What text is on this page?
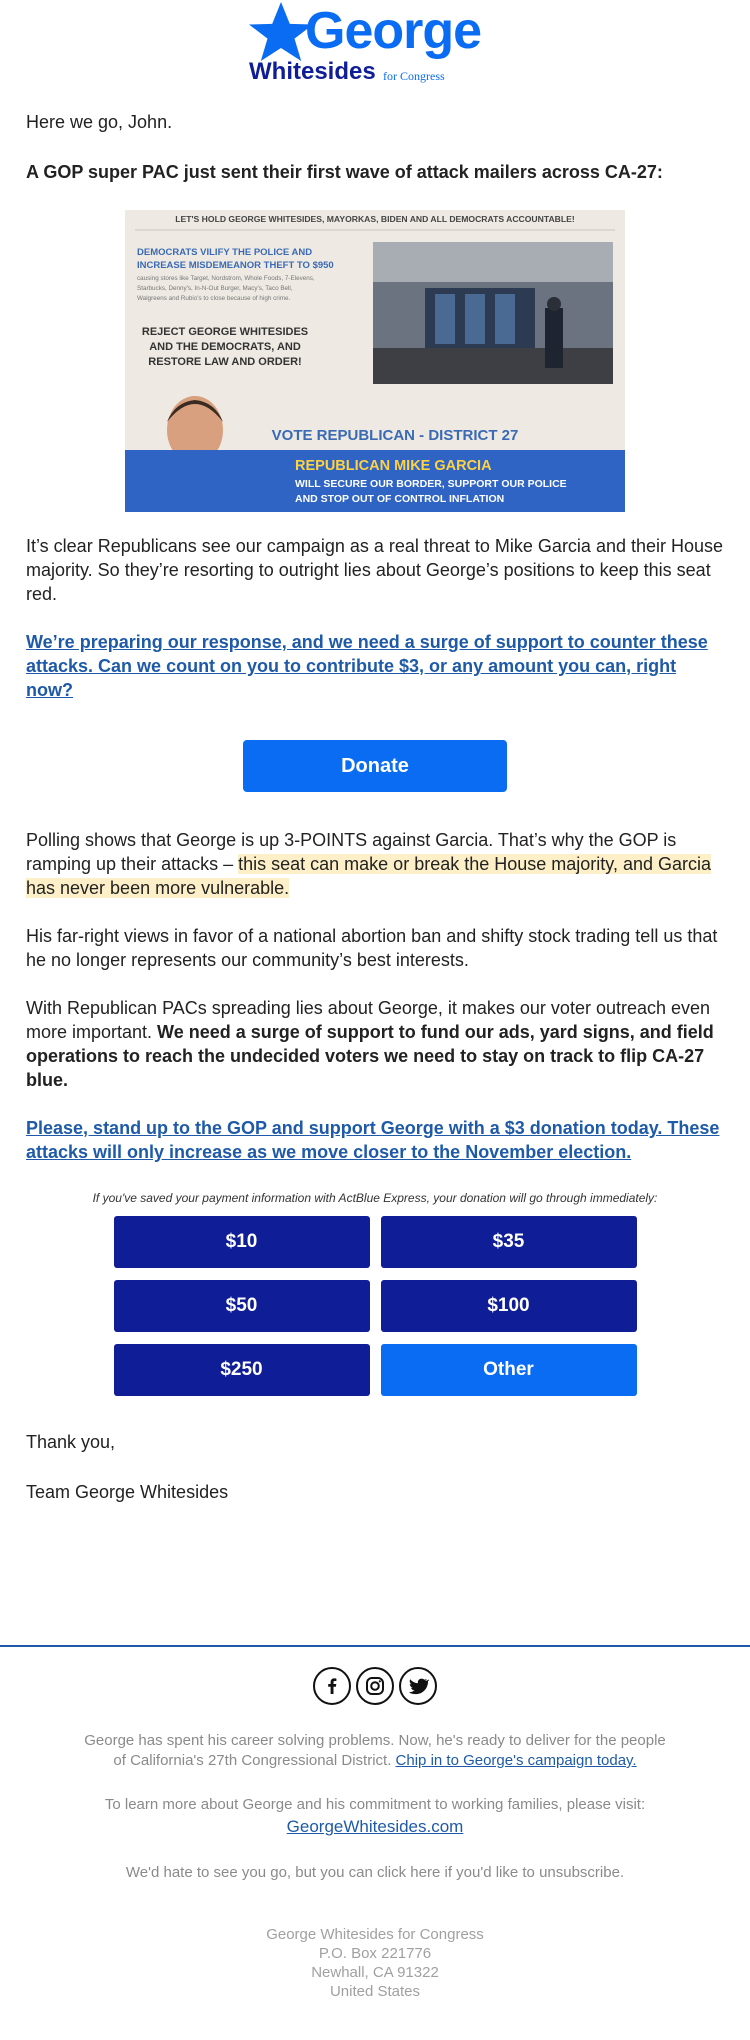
George
Whitesides for Congress

Here we go, John.

A GOP super PAC just sent their first wave of attack mailers across CA-27:

LET'S HOLD GEORGE WHITESIDES, MAYORKAS, BIDEN AND ALL DEMOCRATS ACCOUNTABLE!
DEMOCRATS VILIFY THE POLICE AND
INCREASE MISDEMEANOR THEFT TO $950
causing stores like Target, Nordstrom, Whole Foods, 7-Elevens,
Starbucks, Denny's, In-N-Out Burger, Macy's, Taco Bell,
Walgreens and Rubio's to close because of high crime.
REJECT GEORGE WHITESIDES
AND THE DEMOCRATS, AND
RESTORE LAW AND ORDER!
VOTE REPUBLICAN - DISTRICT 27
REPUBLICAN MIKE GARCIA
WILL SECURE OUR BORDER, SUPPORT OUR POLICE
AND STOP OUT OF CONTROL INFLATION

It’s clear Republicans see our campaign as a real threat to Mike Garcia and their House majority. So they’re resorting to outright lies about George’s positions to keep this seat red.

We’re preparing our response, and we need a surge of support to counter these attacks. Can we count on you to contribute $3, or any amount you can, right now?
Donate

Polling shows that George is up 3-POINTS against Garcia. That’s why the GOP is ramping up their attacks – this seat can make or break the House majority, and Garcia has never been more vulnerable.

His far-right views in favor of a national abortion ban and shifty stock trading tell us that he no longer represents our community’s best interests.

With Republican PACs spreading lies about George, it makes our voter outreach even more important. We need a surge of support to fund our ads, yard signs, and field operations to reach the undecided voters we need to stay on track to flip CA-27 blue.

Please, stand up to the GOP and support George with a $3 donation today. These attacks will only increase as we move closer to the November election.

If you've saved your payment information with ActBlue Express, your donation will go through immediately:

$10	$35
$50	$100
$250	Other

Thank you,

Team George Whitesides

George has spent his career solving problems. Now, he's ready to deliver for the people of California's 27th Congressional District. Chip in to George's campaign today.

To learn more about George and his commitment to working families, please visit:
GeorgeWhitesides.com

We'd hate to see you go, but you can click here if you'd like to unsubscribe.

George Whitesides for Congress
P.O. Box 221776
Newhall, CA 91322
United States
